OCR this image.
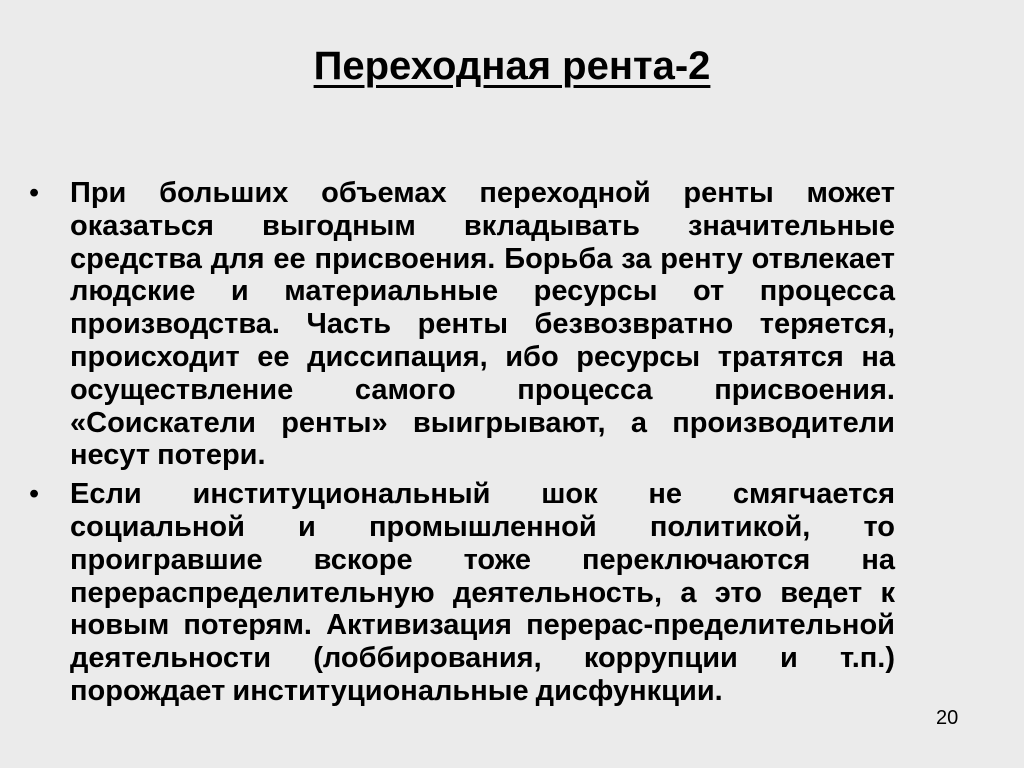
Переходная рента-2
• При больших объемах переходной ренты может оказаться выгодным вкладывать значительные средства для ее присвоения. Борьба за ренту отвлекает людские и материальные ресурсы от процесса производства. Часть ренты безвозвратно теряется, происходит ее диссипация, ибо ресурсы тратятся на осуществление самого процесса присвоения. «Соискатели ренты» выигрывают, а производители несут потери.
• Если институциональный шок не смягчается социальной и промышленной политикой, то проигравшие вскоре тоже переключаются на перераспределительную деятельность, а это ведет к новым потерям. Активизация перерас-пределительной деятельности (лоббирования, коррупции и т.п.) порождает институциональные дисфункции.
20
